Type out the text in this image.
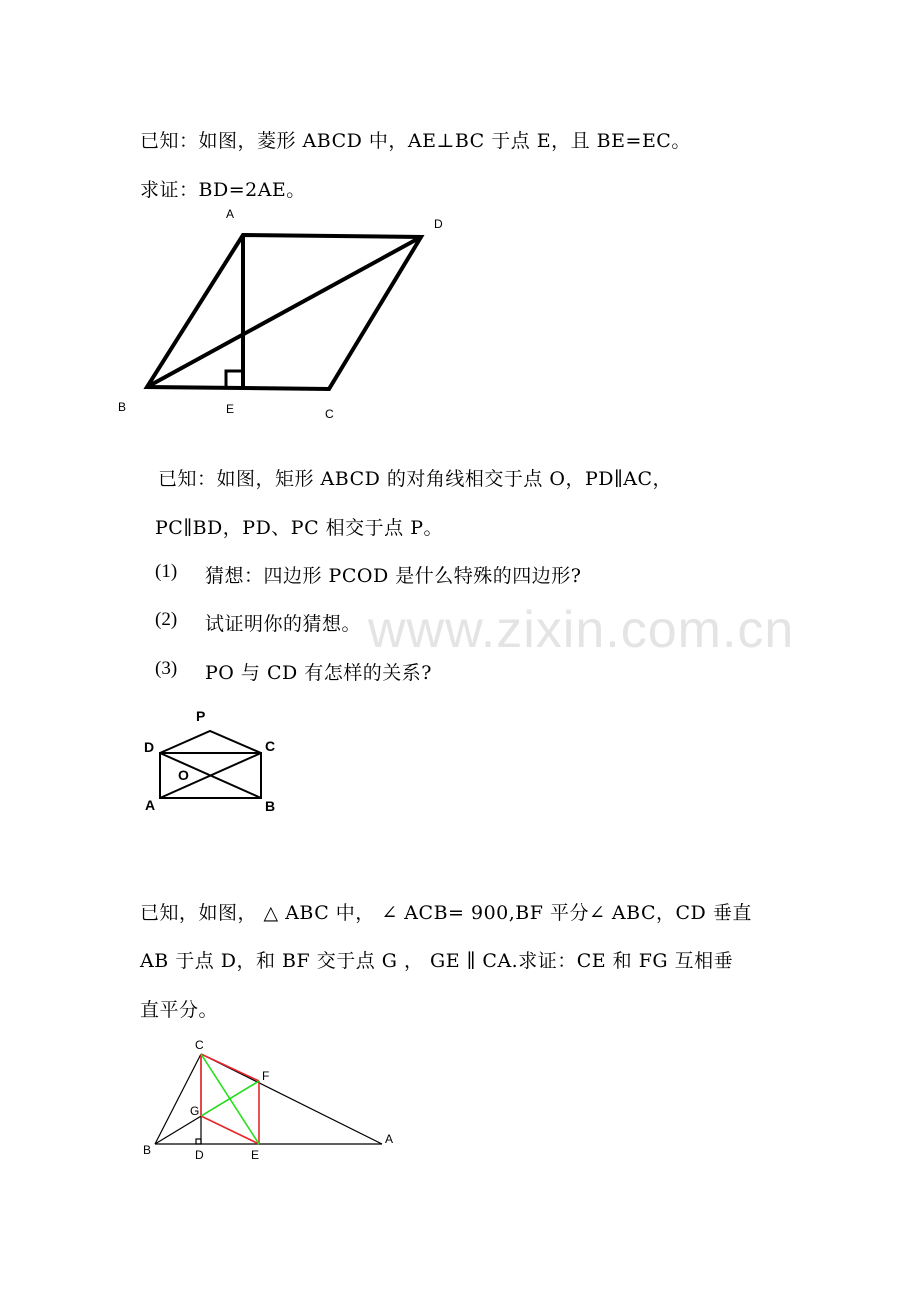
www.zixin.com.cn
已知：如图，菱形 ABCD 中，AE⊥BC 于点 E，且 BE=EC。
求证：BD=2AE。
A
D
B	E	C
已知：如图，矩形 ABCD 的对角线相交于点 O，PD∥AC，
PC∥BD，PD、PC 相交于点 P。
(1) 猜想：四边形 PCOD 是什么特殊的四边形?
(2) 试证明你的猜想。
(3) PO 与 CD 有怎样的关系?
P
D	C
O
A	B
已知，如图， △ ABC 中， ∠ ACB= 900,BF 平分∠ ABC，CD 垂直
AB 于点 D，和 BF 交于点 G ， GE ∥ CA.求证：CE 和 FG 互相垂
直平分。
C
F
G
B	D	E
A
